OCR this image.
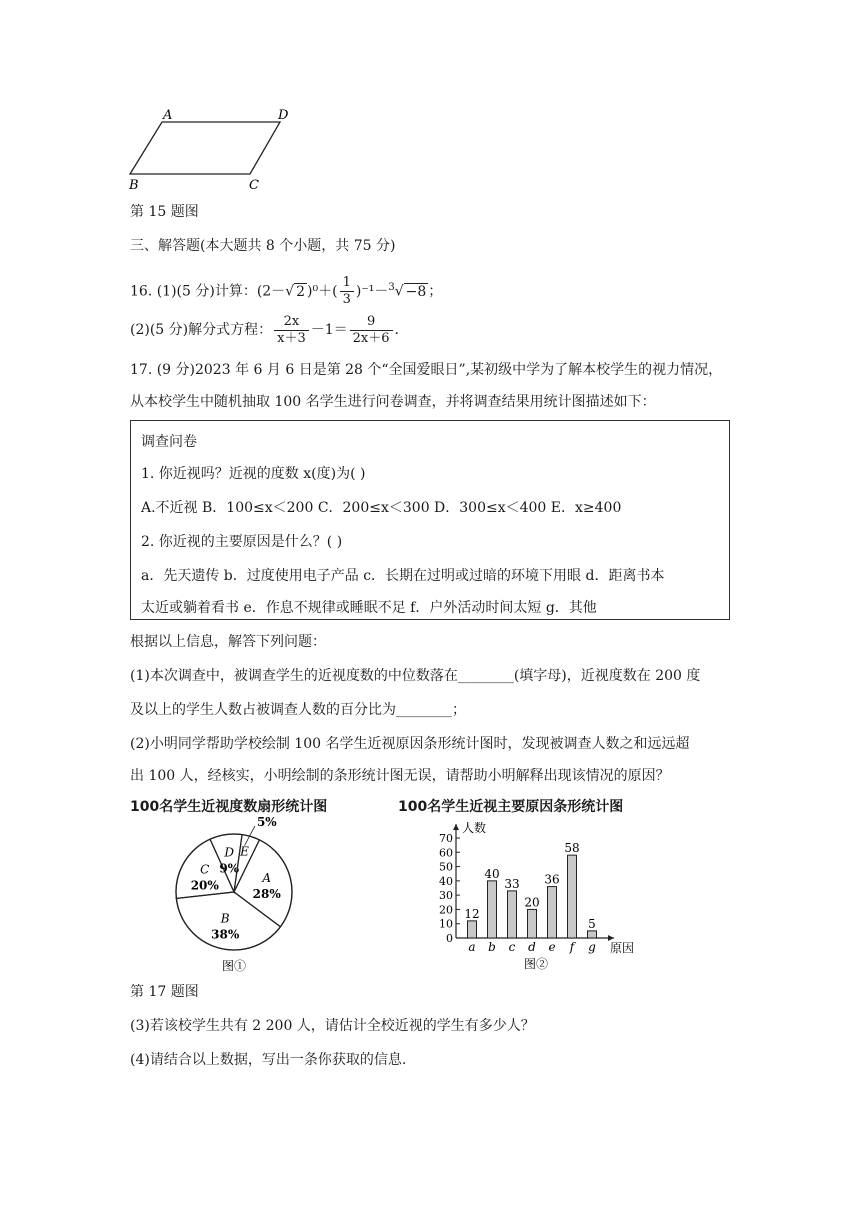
A	D
B	C
第 15 题图
三、解答题(本大题共 8 个小题，共 75 分)
16. (1)(5 分)计算：(2－√ 2 )$^0+( \frac{1}{3} )^{-1}-^3√ -8$ ；
(2)(5 分)解分式方程： $\frac{2x}{x+3} -1= \frac{9}{2x+6}$ .
17. (9 分)2023 年 6 月 6 日是第 28 个“全国爱眼日”,某初级中学为了解本校学生的视力情况，
从本校学生中随机抽取 100 名学生进行问卷调查，并将调查结果用统计图描述如下：
调查问卷
1. 你近视吗？近视的度数 x(度)为( )
A.不近视 B．100≤x＜200 C．200≤x＜300 D．300≤x＜400 E．x≥400
2. 你近视的主要原因是什么？( )
a．先天遗传 b．过度使用电子产品 c．长期在过明或过暗的环境下用眼 d．距离书本
太近或躺着看书 e．作息不规律或睡眠不足 f．户外活动时间太短 g．其他
根据以上信息，解答下列问题：
(1)本次调查中，被调查学生的近视度数的中位数落在________(填字母)，近视度数在 200 度
及以上的学生人数占被调查人数的百分比为________；
(2)小明同学帮助学校绘制 100 名学生近视原因条形统计图时，发现被调查人数之和远远超
出 100 人，经核实，小明绘制的条形统计图无误，请帮助小明解释出现该情况的原因？
100名学生近视度数扇形统计图	100名学生近视主要原因条形统计图
A
28%
B
38%
C
20%
D
9%
E
5%
图①
0
10
20
30
40
50
60
70
人数
12
a
40
b
33
c
20
d
36
e
58
f
5
g 原因
图②
第 17 题图
(3)若该校学生共有 2 200 人，请估计全校近视的学生有多少人？
(4)请结合以上数据，写出一条你获取的信息.
